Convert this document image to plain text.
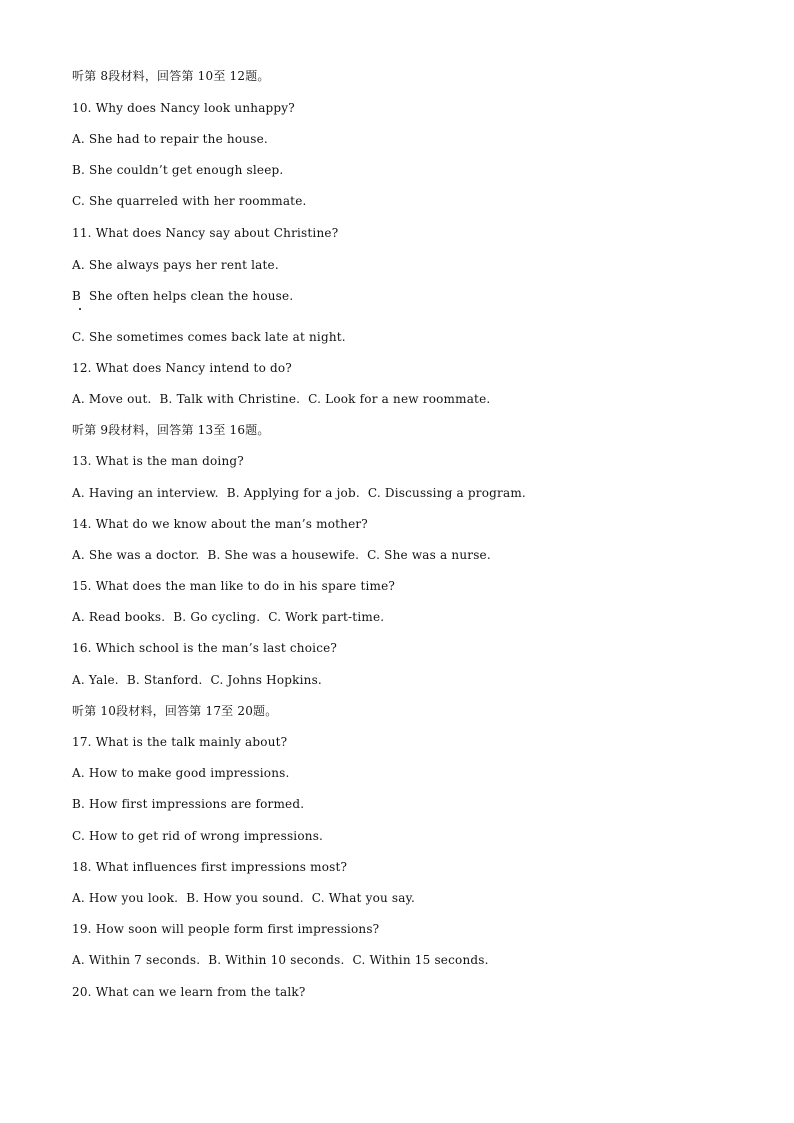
听第 8段材料，回答第 10至 12题。
10. Why does Nancy look unhappy?
A. She had to repair the house.
B. She couldn’t get enough sleep.
C. She quarreled with her roommate.
11. What does Nancy say about Christine?
A. She always pays her rent late.
B  She often helps clean the house.
C. She sometimes comes back late at night.
12. What does Nancy intend to do?
A. Move out.  B. Talk with Christine.  C. Look for a new roommate.
听第 9段材料，回答第 13至 16题。
13. What is the man doing?
A. Having an interview.  B. Applying for a job.  C. Discussing a program.
14. What do we know about the man’s mother?
A. She was a doctor.  B. She was a housewife.  C. She was a nurse.
15. What does the man like to do in his spare time?
A. Read books.  B. Go cycling.  C. Work part-time.
16. Which school is the man’s last choice?
A. Yale.  B. Stanford.  C. Johns Hopkins.
听第 10段材料，回答第 17至 20题。
17. What is the talk mainly about?
A. How to make good impressions.
B. How first impressions are formed.
C. How to get rid of wrong impressions.
18. What influences first impressions most?
A. How you look.  B. How you sound.  C. What you say.
19. How soon will people form first impressions?
A. Within 7 seconds.  B. Within 10 seconds.  C. Within 15 seconds.
20. What can we learn from the talk?
